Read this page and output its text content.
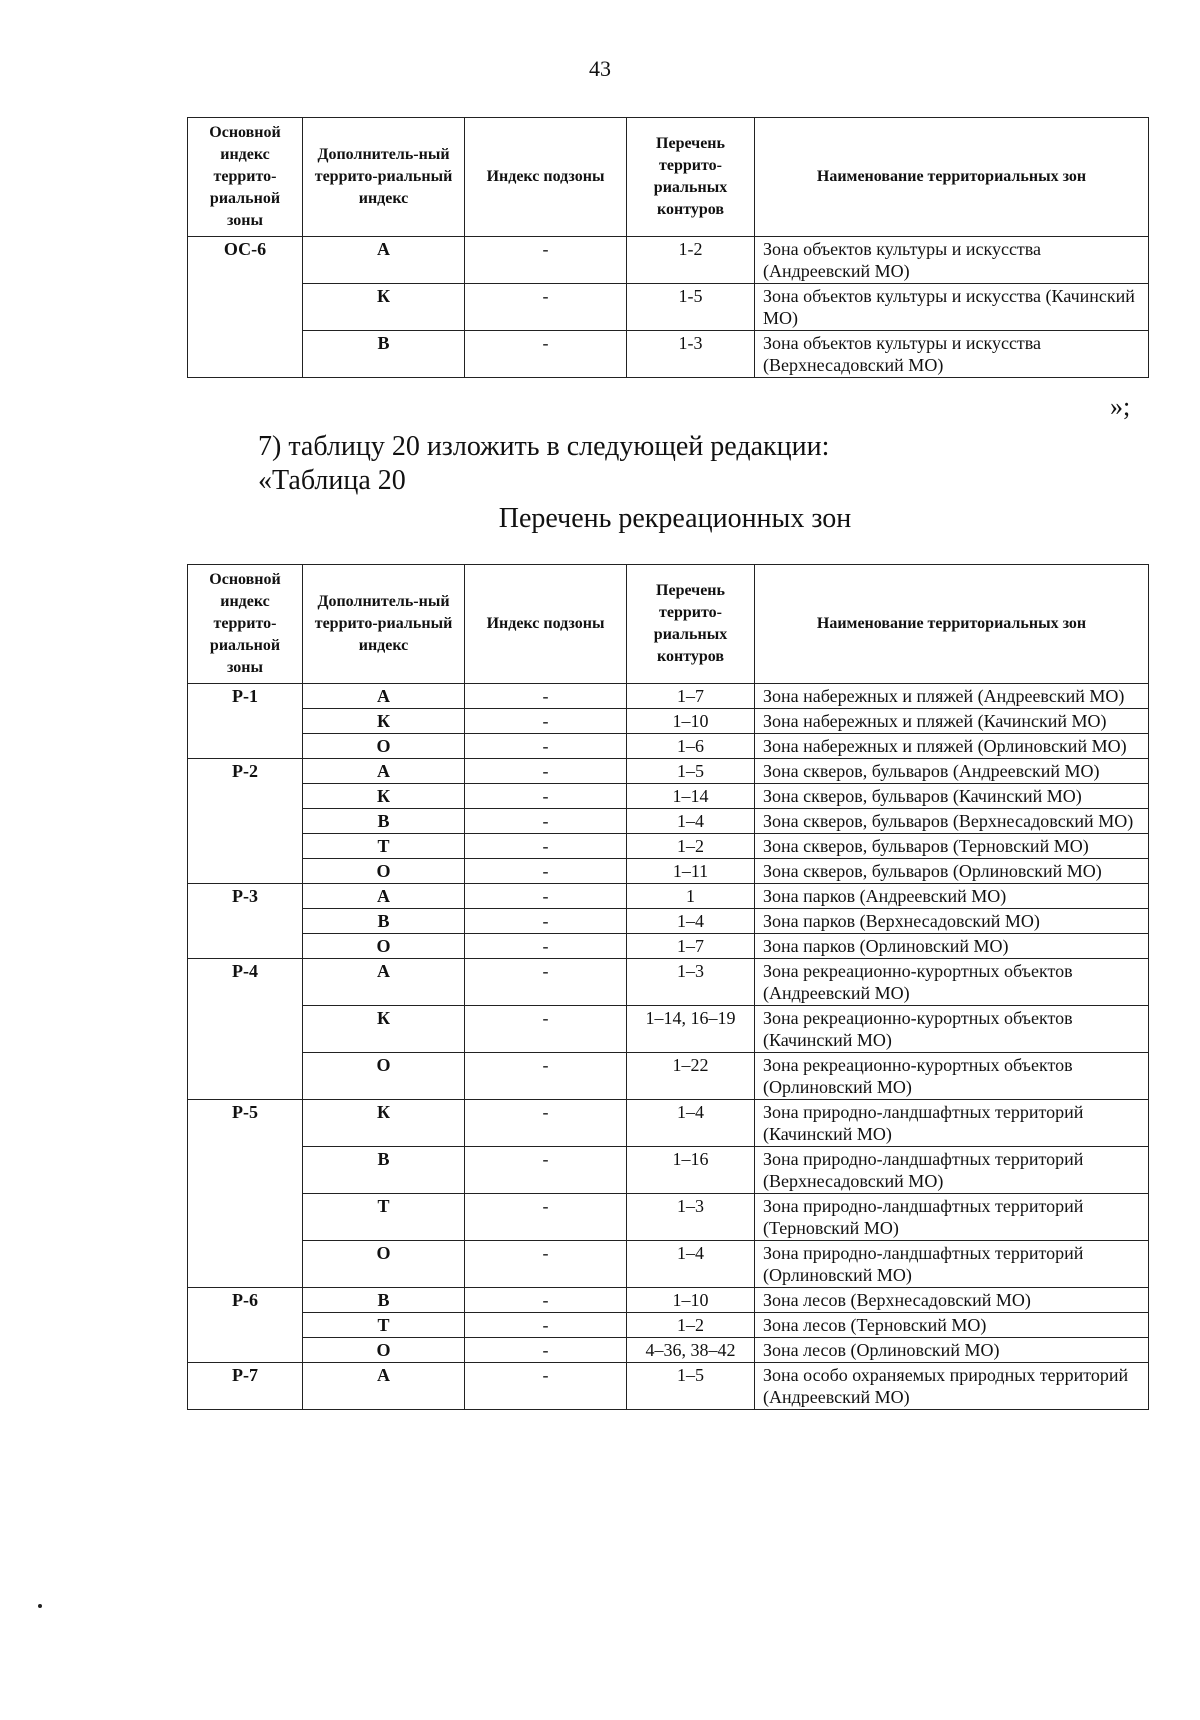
43
Основной индекс террито-риальной зоны	Дополнитель-ный террито-риальный индекс	Индекс подзоны	Перечень террито-риальных контуров	Наименование территориальных зон
ОС-6	А	-	1-2	Зона объектов культуры и искусства (Андреевский МО)
	К	-	1-5	Зона объектов культуры и искусства (Качинский МО)
	В	-	1-3	Зона объектов культуры и искусства (Верхнесадовский МО)
»;
7) таблицу 20 изложить в следующей редакции:
«Таблица 20
Перечень рекреационных зон
Основной индекс террито-риальной зоны	Дополнитель-ный террито-риальный индекс	Индекс подзоны	Перечень террито-риальных контуров	Наименование территориальных зон
Р-1	А	-	1–7	Зона набережных и пляжей (Андреевский МО)
	К	-	1–10	Зона набережных и пляжей (Качинский МО)
	О	-	1–6	Зона набережных и пляжей (Орлиновский МО)
Р-2	А	-	1–5	Зона скверов, бульваров (Андреевский МО)
	К	-	1–14	Зона скверов, бульваров (Качинский МО)
	В	-	1–4	Зона скверов, бульваров (Верхнесадовский МО)
	Т	-	1–2	Зона скверов, бульваров (Терновский МО)
	О	-	1–11	Зона скверов, бульваров (Орлиновский МО)
Р-3	А	-	1	Зона парков (Андреевский МО)
	В	-	1–4	Зона парков (Верхнесадовский МО)
	О	-	1–7	Зона парков (Орлиновский МО)
Р-4	А	-	1–3	Зона рекреационно-курортных объектов (Андреевский МО)
	К	-	1–14, 16–19	Зона рекреационно-курортных объектов (Качинский МО)
	О	-	1–22	Зона рекреационно-курортных объектов (Орлиновский МО)
Р-5	К	-	1–4	Зона природно-ландшафтных территорий (Качинский МО)
	В	-	1–16	Зона природно-ландшафтных территорий (Верхнесадовский МО)
	Т	-	1–3	Зона природно-ландшафтных территорий (Терновский МО)
	О	-	1–4	Зона природно-ландшафтных территорий (Орлиновский МО)
Р-6	В	-	1–10	Зона лесов (Верхнесадовский МО)
	Т	-	1–2	Зона лесов (Терновский МО)
	О	-	4–36, 38–42	Зона лесов (Орлиновский МО)
Р-7	А	-	1–5	Зона особо охраняемых природных территорий (Андреевский МО)
